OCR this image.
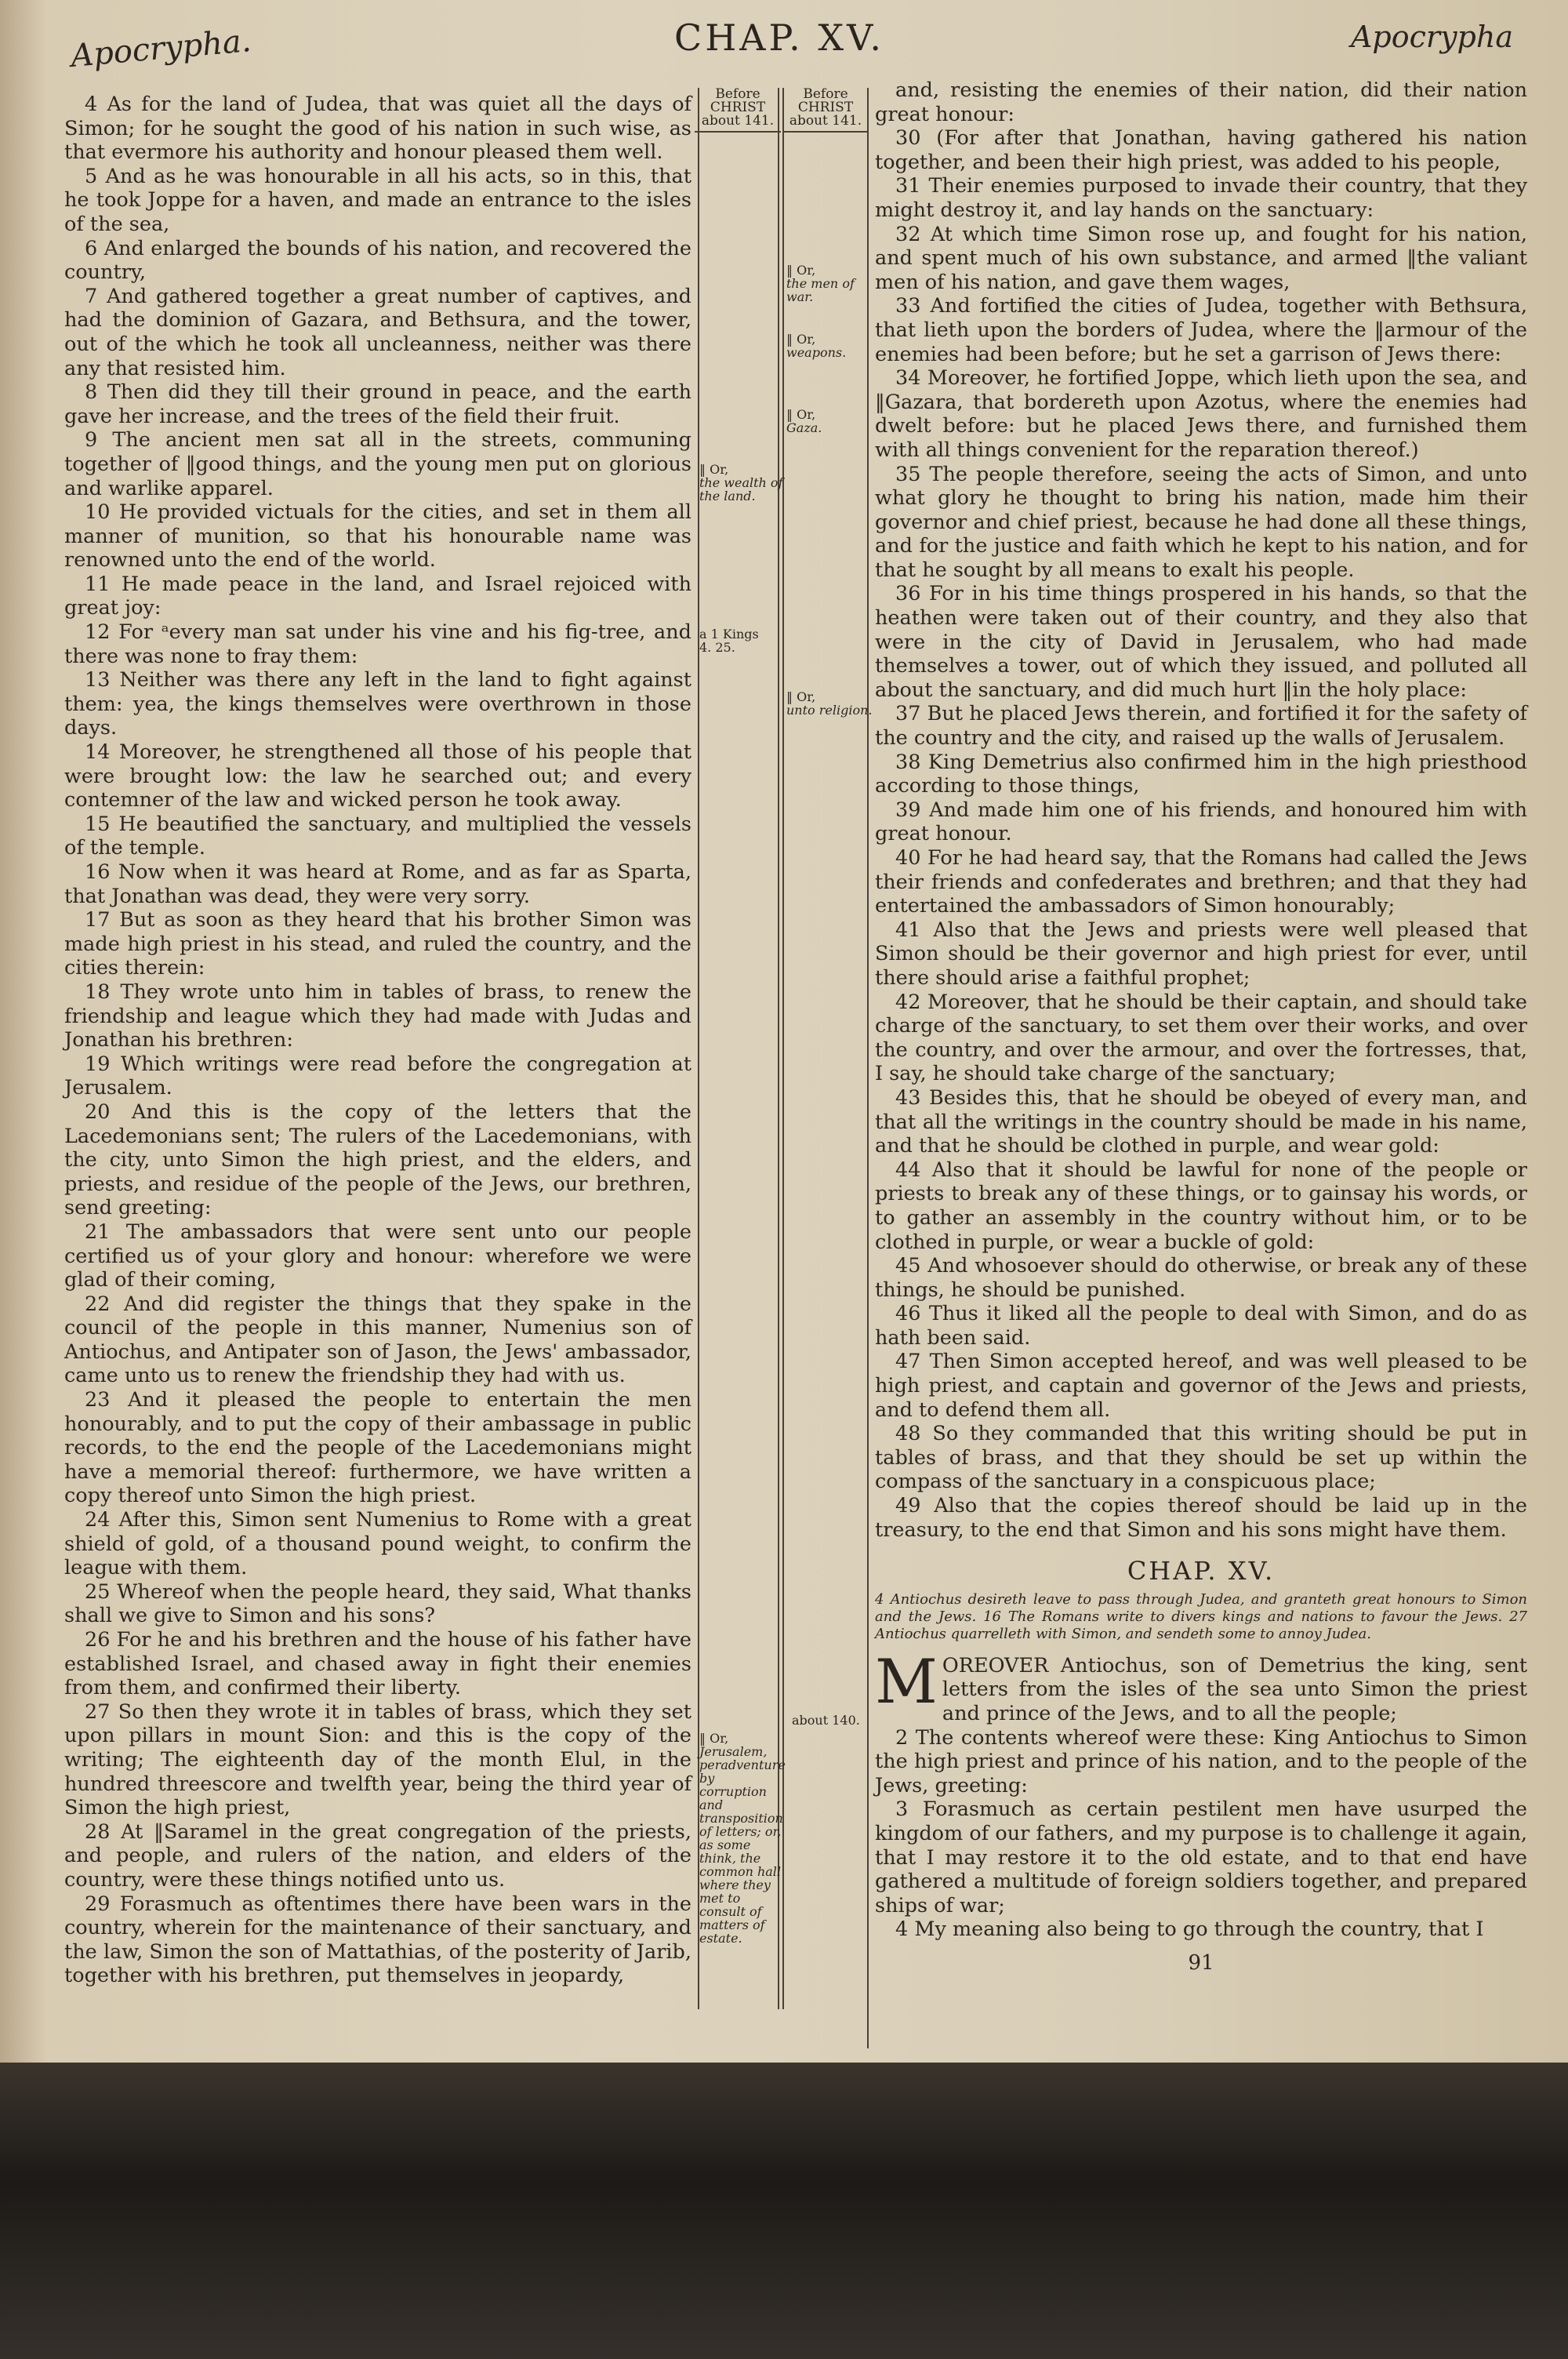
Apocrypha.	CHAP. XV.	Apocrypha

4 As for the land of Judea, that was quiet all the days of Simon; for he sought the good of his nation in such wise, as that evermore his authority and honour pleased them well.

5 And as he was honourable in all his acts, so in this, that he took Joppe for a haven, and made an entrance to the isles of the sea,

6 And enlarged the bounds of his nation, and recovered the country,

7 And gathered together a great number of captives, and had the dominion of Gazara, and Bethsura, and the tower, out of the which he took all uncleanness, neither was there any that resisted him.

8 Then did they till their ground in peace, and the earth gave her increase, and the trees of the field their fruit.

9 The ancient men sat all in the streets, communing together of ‖good things, and the young men put on glorious and warlike apparel.

10 He provided victuals for the cities, and set in them all manner of munition, so that his honourable name was renowned unto the end of the world.

11 He made peace in the land, and Israel rejoiced with great joy:

12 For ᵃevery man sat under his vine and his fig-tree, and there was none to fray them:

13 Neither was there any left in the land to fight against them: yea, the kings themselves were overthrown in those days.

14 Moreover, he strengthened all those of his people that were brought low: the law he searched out; and every contemner of the law and wicked person he took away.

15 He beautified the sanctuary, and multiplied the vessels of the temple.

16 Now when it was heard at Rome, and as far as Sparta, that Jonathan was dead, they were very sorry.

17 But as soon as they heard that his brother Simon was made high priest in his stead, and ruled the country, and the cities therein:

18 They wrote unto him in tables of brass, to renew the friendship and league which they had made with Judas and Jonathan his brethren:

19 Which writings were read before the congregation at Jerusalem.

20 And this is the copy of the letters that the Lacedemonians sent; The rulers of the Lacedemonians, with the city, unto Simon the high priest, and the elders, and priests, and residue of the people of the Jews, our brethren, send greeting:

21 The ambassadors that were sent unto our people certified us of your glory and honour: wherefore we were glad of their coming,

22 And did register the things that they spake in the council of the people in this manner, Numenius son of Antiochus, and Antipater son of Jason, the Jews' ambassador, came unto us to renew the friendship they had with us.

23 And it pleased the people to entertain the men honourably, and to put the copy of their ambassage in public records, to the end the people of the Lacedemonians might have a memorial thereof: furthermore, we have written a copy thereof unto Simon the high priest.

24 After this, Simon sent Numenius to Rome with a great shield of gold, of a thousand pound weight, to confirm the league with them.

25 Whereof when the people heard, they said, What thanks shall we give to Simon and his sons?

26 For he and his brethren and the house of his father have established Israel, and chased away in fight their enemies from them, and confirmed their liberty.

27 So then they wrote it in tables of brass, which they set upon pillars in mount Sion: and this is the copy of the writing; The eighteenth day of the month Elul, in the hundred threescore and twelfth year, being the third year of Simon the high priest,

28 At ‖Saramel in the great congregation of the priests, and people, and rulers of the nation, and elders of the country, were these things notified unto us.

29 Forasmuch as oftentimes there have been wars in the country, wherein for the maintenance of their sanctuary, and the law, Simon the son of Mattathias, of the posterity of Jarib, together with his brethren, put themselves in jeopardy,

Before
CHRIST
about 141.
Before
CHRIST
about 141.
‖ Or,
the wealth of the land.
a 1 Kings
4. 25.
‖ Or,
Jerusalem, peradventure by corruption and transposition of letters; or, as some think, the common hall where they met to consult of matters of estate.
‖ Or,
the men of war.
‖ Or,
weapons.
‖ Or,
Gaza.
‖ Or,
unto religion.
about 140.

and, resisting the enemies of their nation, did their nation great honour:

30 (For after that Jonathan, having gathered his nation together, and been their high priest, was added to his people,

31 Their enemies purposed to invade their country, that they might destroy it, and lay hands on the sanctuary:

32 At which time Simon rose up, and fought for his nation, and spent much of his own substance, and armed ‖the valiant men of his nation, and gave them wages,

33 And fortified the cities of Judea, together with Bethsura, that lieth upon the borders of Judea, where the ‖armour of the enemies had been before; but he set a garrison of Jews there:

34 Moreover, he fortified Joppe, which lieth upon the sea, and ‖Gazara, that bordereth upon Azotus, where the enemies had dwelt before: but he placed Jews there, and furnished them with all things convenient for the reparation thereof.)

35 The people therefore, seeing the acts of Simon, and unto what glory he thought to bring his nation, made him their governor and chief priest, because he had done all these things, and for the justice and faith which he kept to his nation, and for that he sought by all means to exalt his people.

36 For in his time things prospered in his hands, so that the heathen were taken out of their country, and they also that were in the city of David in Jerusalem, who had made themselves a tower, out of which they issued, and polluted all about the sanctuary, and did much hurt ‖in the holy place:

37 But he placed Jews therein, and fortified it for the safety of the country and the city, and raised up the walls of Jerusalem.

38 King Demetrius also confirmed him in the high priesthood according to those things,

39 And made him one of his friends, and honoured him with great honour.

40 For he had heard say, that the Romans had called the Jews their friends and confederates and brethren; and that they had entertained the ambassadors of Simon honourably;

41 Also that the Jews and priests were well pleased that Simon should be their governor and high priest for ever, until there should arise a faithful prophet;

42 Moreover, that he should be their captain, and should take charge of the sanctuary, to set them over their works, and over the country, and over the armour, and over the fortresses, that, I say, he should take charge of the sanctuary;

43 Besides this, that he should be obeyed of every man, and that all the writings in the country should be made in his name, and that he should be clothed in purple, and wear gold:

44 Also that it should be lawful for none of the people or priests to break any of these things, or to gainsay his words, or to gather an assembly in the country without him, or to be clothed in purple, or wear a buckle of gold:

45 And whosoever should do otherwise, or break any of these things, he should be punished.

46 Thus it liked all the people to deal with Simon, and do as hath been said.

47 Then Simon accepted hereof, and was well pleased to be high priest, and captain and governor of the Jews and priests, and to defend them all.

48 So they commanded that this writing should be put in tables of brass, and that they should be set up within the compass of the sanctuary in a conspicuous place;

49 Also that the copies thereof should be laid up in the treasury, to the end that Simon and his sons might have them.

CHAP. XV.
4 Antiochus desireth leave to pass through Judea, and granteth great honours to Simon and the Jews. 16 The Romans write to divers kings and nations to favour the Jews. 27 Antiochus quarrelleth with Simon, and sendeth some to annoy Judea.

MOREOVER Antiochus, son of Demetrius the king, sent letters from the isles of the sea unto Simon the priest and prince of the Jews, and to all the people;

2 The contents whereof were these: King Antiochus to Simon the high priest and prince of his nation, and to the people of the Jews, greeting:

3 Forasmuch as certain pestilent men have usurped the kingdom of our fathers, and my purpose is to challenge it again, that I may restore it to the old estate, and to that end have gathered a multitude of foreign soldiers together, and prepared ships of war;

4 My meaning also being to go through the country, that I

91
